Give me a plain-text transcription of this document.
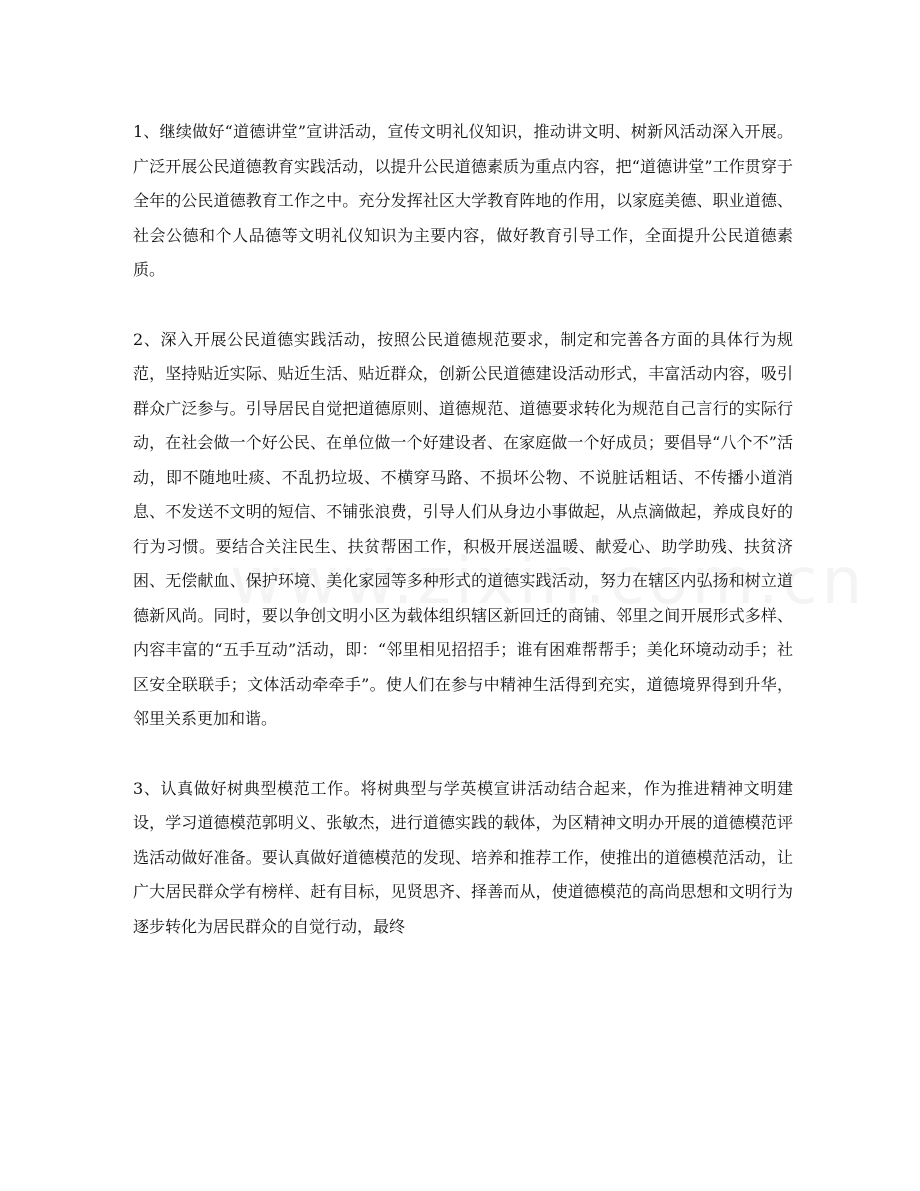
1、继续做好“道德讲堂”宣讲活动，宣传文明礼仪知识，推动讲文明、树新风活动深入开展。广泛开展公民道德教育实践活动，以提升公民道德素质为重点内容，把“道德讲堂”工作贯穿于全年的公民道德教育工作之中。充分发挥社区大学教育阵地的作用，以家庭美德、职业道德、社会公德和个人品德等文明礼仪知识为主要内容，做好教育引导工作，全面提升公民道德素质。

2、深入开展公民道德实践活动，按照公民道德规范要求，制定和完善各方面的具体行为规范，坚持贴近实际、贴近生活、贴近群众，创新公民道德建设活动形式，丰富活动内容，吸引群众广泛参与。引导居民自觉把道德原则、道德规范、道德要求转化为规范自己言行的实际行动，在社会做一个好公民、在单位做一个好建设者、在家庭做一个好成员；要倡导“八个不”活动，即不随地吐痰、不乱扔垃圾、不横穿马路、不损坏公物、不说脏话粗话、不传播小道消息、不发送不文明的短信、不铺张浪费，引导人们从身边小事做起，从点滴做起，养成良好的行为习惯。要结合关注民生、扶贫帮困工作，积极开展送温暖、献爱心、助学助残、扶贫济困、无偿献血、保护环境、美化家园等多种形式的道德实践活动，努力在辖区内弘扬和树立道德新风尚。同时，要以争创文明小区为载体组织辖区新回迁的商铺、邻里之间开展形式多样、内容丰富的“五手互动”活动，即：“邻里相见招招手；谁有困难帮帮手；美化环境动动手；社区安全联联手；文体活动牵牵手”。使人们在参与中精神生活得到充实，道德境界得到升华，邻里关系更加和谐。

3、认真做好树典型模范工作。将树典型与学英模宣讲活动结合起来，作为推进精神文明建设，学习道德模范郭明义、张敏杰，进行道德实践的载体，为区精神文明办开展的道德模范评选活动做好准备。要认真做好道德模范的发现、培养和推荐工作，使推出的道德模范活动，让广大居民群众学有榜样、赶有目标，见贤思齐、择善而从，使道德模范的高尚思想和文明行为逐步转化为居民群众的自觉行动，最终
